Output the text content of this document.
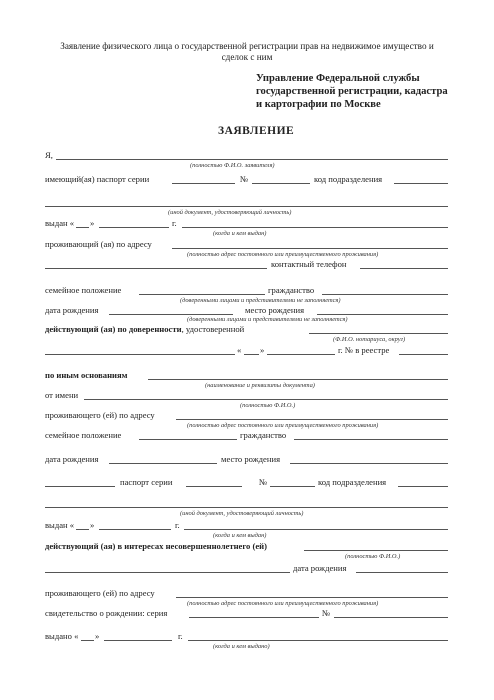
Заявление физического лица о государственной регистрации прав на недвижимое имущество и
сделок с ним
Управление Федеральной службы
государственной регистрации, кадастра
и картографии по Москве
ЗАЯВЛЕНИЕ
Я,
(полностью Ф.И.О. заявителя)
имеющий(ая) паспорт серии	№	код подразделения
(иной документ, удостоверяющий личность)
выдан « »	г.
(когда и кем выдан)
проживающий (ая) по адресу
(полностью адрес постоянного или преимущественного проживания)
контактный телефон
семейное положение	гражданство
(доверенными лицами и представителями не заполняется)
дата рождения	место рождения
(доверенными лицами и представителями не заполняется)
действующий (ая) по доверенности, удостоверенной
(Ф.И.О. нотариуса, округ)
« »	г. № в реестре
по иным основаниям
(наименование и реквизиты документа)
от имени
(полностью Ф.И.О.)
проживающего (ей) по адресу
(полностью адрес постоянного или преимущественного проживания)
семейное положение	гражданство
дата рождения	место рождения
паспорт серии	№	код подразделения
(иной документ, удостоверяющий личность)
выдан « »	г.
(когда и кем выдан)
действующий (ая) в интересах несовершеннолетнего (ей)
(полностью Ф.И.О.)
дата рождения
проживающего (ей) по адресу
(полностью адрес постоянного или преимущественного проживания)
свидетельство о рождении: серия	№
выдано « »	г.
(когда и кем выдано)
